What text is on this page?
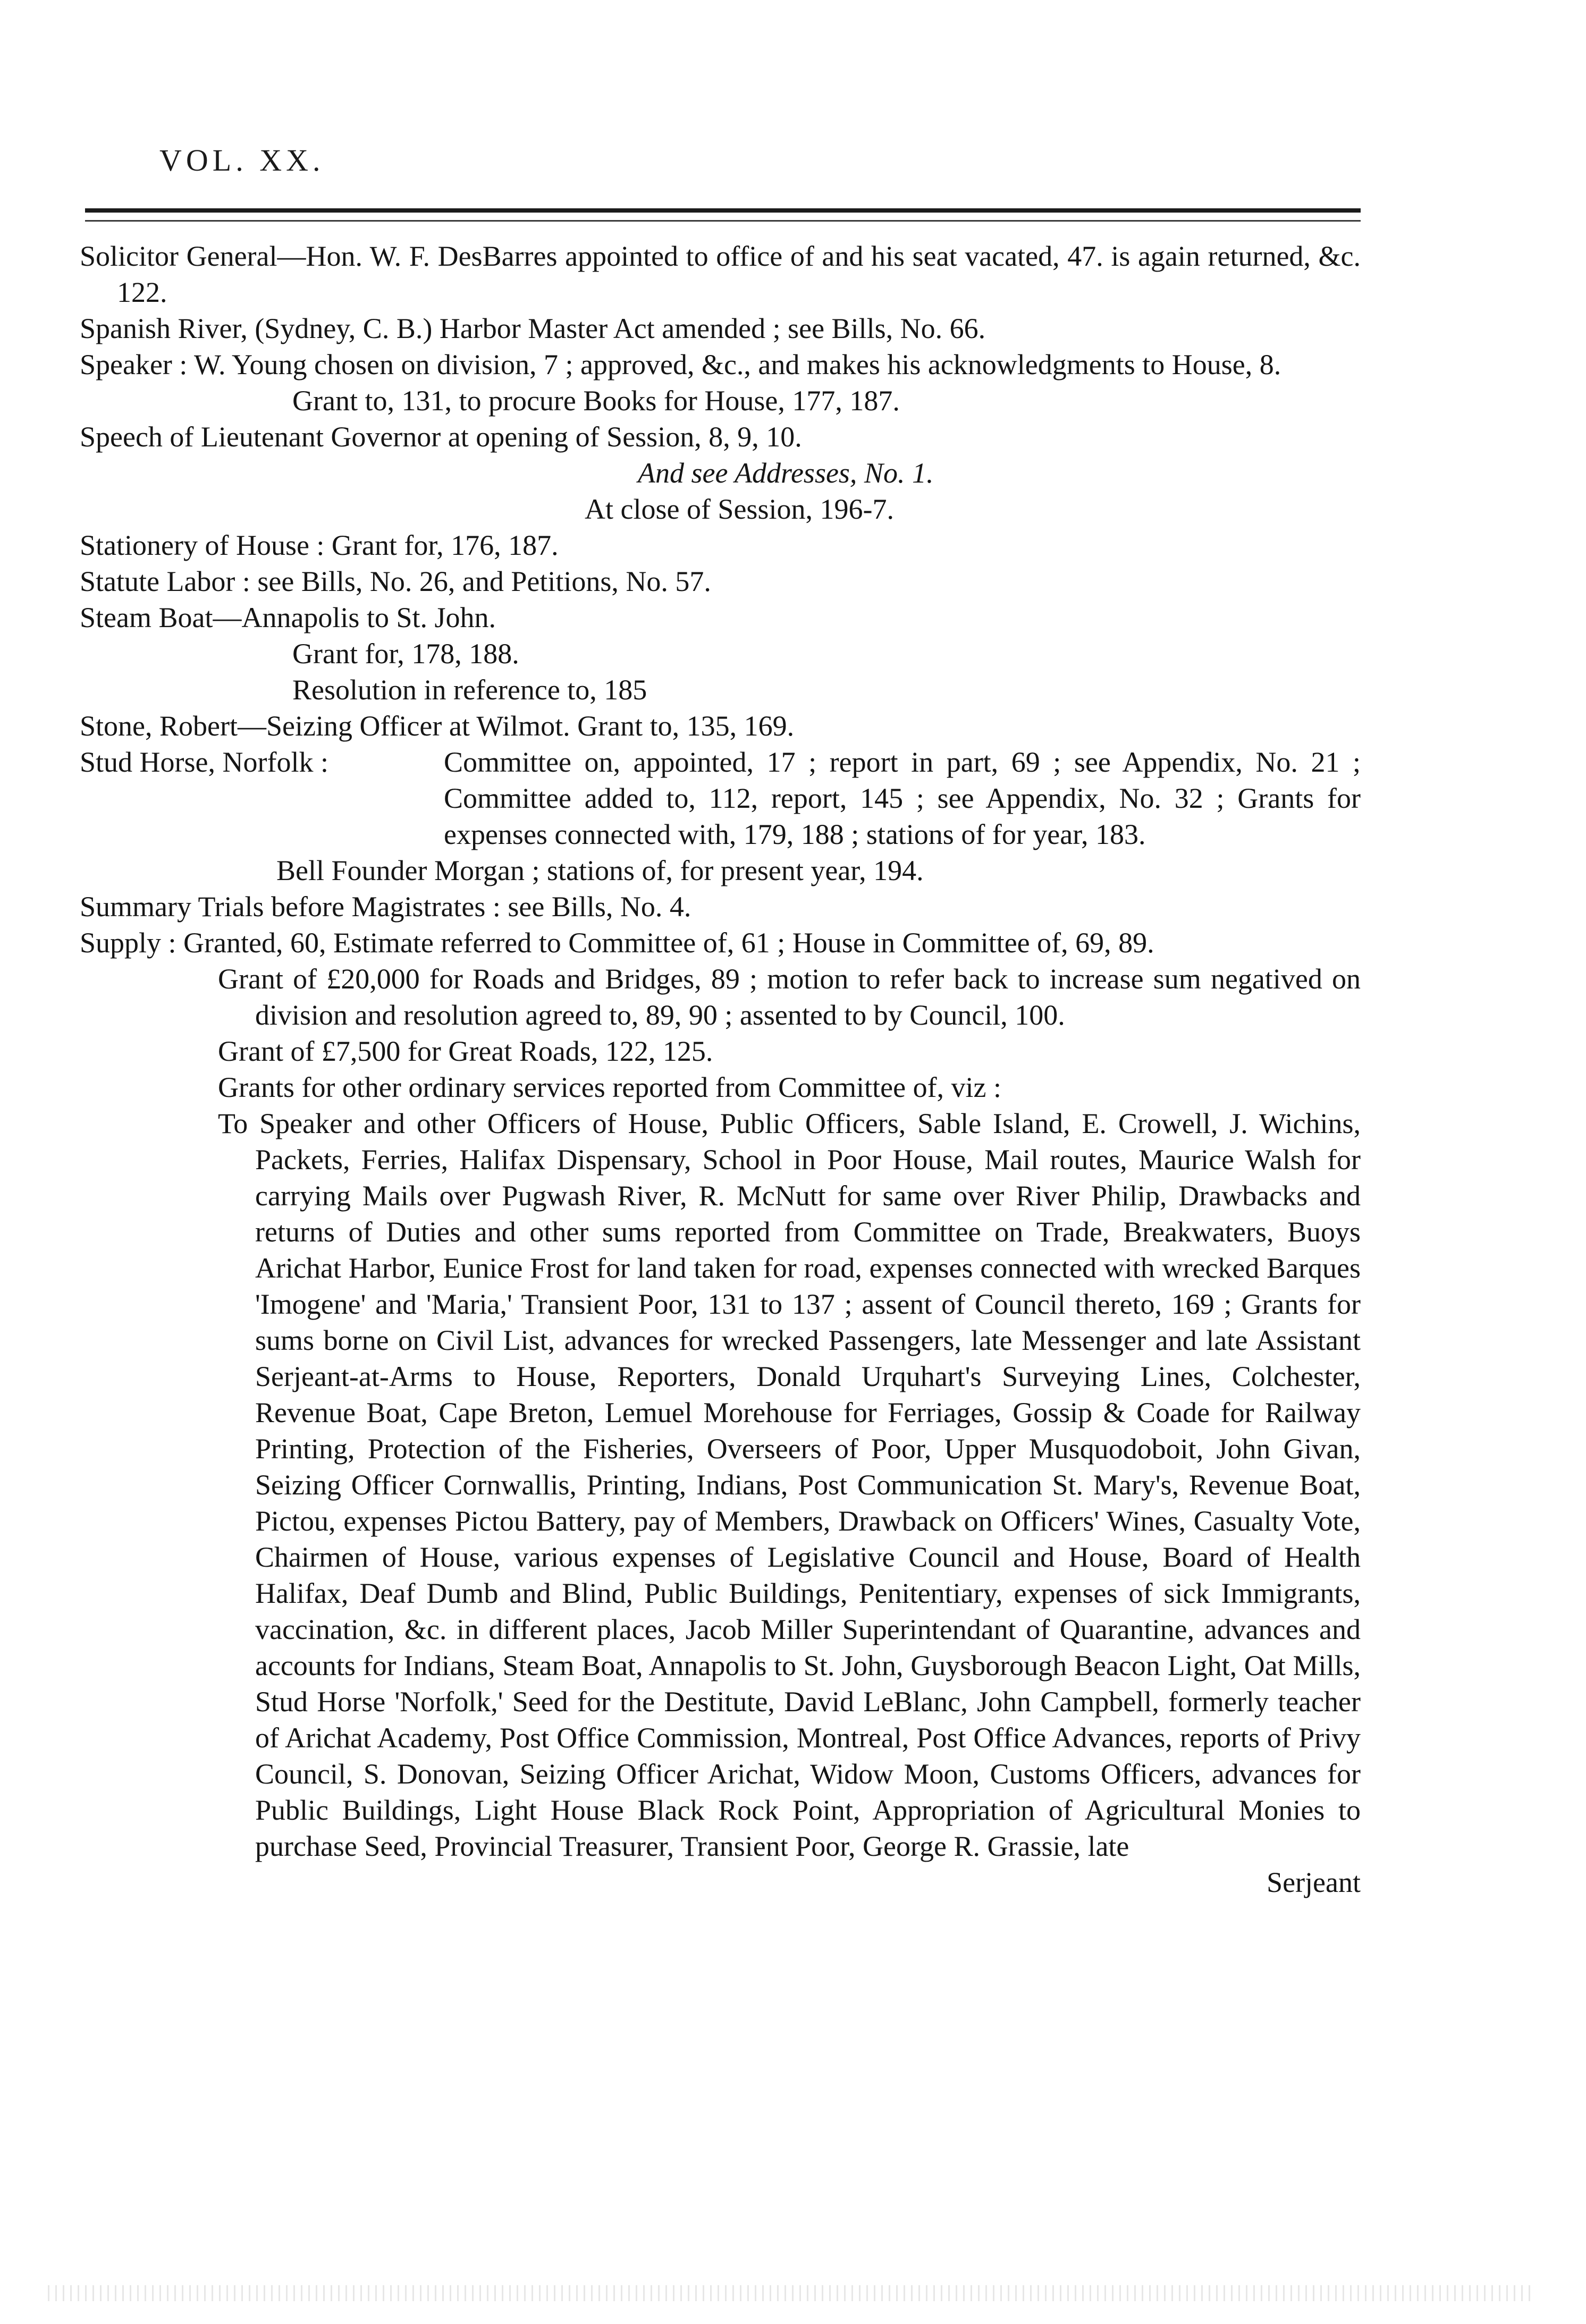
VOL. XX.

Solicitor General—Hon. W. F. DesBarres appointed to office of and his seat vacated, 47. is again returned, &c. 122.

Spanish River, (Sydney, C. B.) Harbor Master Act amended ; see Bills, No. 66.

Speaker : W. Young chosen on division, 7 ; approved, &c., and makes his acknowledgments to House, 8.

Grant to, 131, to procure Books for House, 177, 187.

Speech of Lieutenant Governor at opening of Session, 8, 9, 10.

And see Addresses, No. 1.

At close of Session, 196-7.

Stationery of House : Grant for, 176, 187.

Statute Labor : see Bills, No. 26, and Petitions, No. 57.

Steam Boat—Annapolis to St. John.

Grant for, 178, 188.

Resolution in reference to, 185

Stone, Robert—Seizing Officer at Wilmot. Grant to, 135, 169.

Stud Horse, Norfolk :	Committee on, appointed, 17 ; report in part, 69 ; see Appendix, No. 21 ; Committee added to, 112, report, 145 ; see Appendix, No. 32 ; Grants for expenses connected with, 179, 188 ; stations of for year, 183.

Bell Founder Morgan ; stations of, for present year, 194.

Summary Trials before Magistrates : see Bills, No. 4.

Supply : Granted, 60, Estimate referred to Committee of, 61 ; House in Committee of, 69, 89.

Grant of £20,000 for Roads and Bridges, 89 ; motion to refer back to increase sum negatived on division and resolution agreed to, 89, 90 ; assented to by Council, 100.

Grant of £7,500 for Great Roads, 122, 125.

Grants for other ordinary services reported from Committee of, viz :

To Speaker and other Officers of House, Public Officers, Sable Island, E. Crowell, J. Wichins, Packets, Ferries, Halifax Dispensary, School in Poor House, Mail routes, Maurice Walsh for carrying Mails over Pugwash River, R. McNutt for same over River Philip, Drawbacks and returns of Duties and other sums reported from Committee on Trade, Breakwaters, Buoys Arichat Harbor, Eunice Frost for land taken for road, expenses connected with wrecked Barques 'Imogene' and 'Maria,' Transient Poor, 131 to 137 ; assent of Council thereto, 169 ; Grants for sums borne on Civil List, advances for wrecked Passengers, late Messenger and late Assistant Serjeant-at-Arms to House, Reporters, Donald Urquhart's Surveying Lines, Colchester, Revenue Boat, Cape Breton, Lemuel Morehouse for Ferriages, Gossip & Coade for Railway Printing, Protection of the Fisheries, Overseers of Poor, Upper Musquodoboit, John Givan, Seizing Officer Cornwallis, Printing, Indians, Post Communication St. Mary's, Revenue Boat, Pictou, expenses Pictou Battery, pay of Members, Drawback on Officers' Wines, Casualty Vote, Chairmen of House, various expenses of Legislative Council and House, Board of Health Halifax, Deaf Dumb and Blind, Public Buildings, Penitentiary, expenses of sick Immigrants, vaccination, &c. in different places, Jacob Miller Superintendant of Quarantine, advances and accounts for Indians, Steam Boat, Annapolis to St. John, Guysborough Beacon Light, Oat Mills, Stud Horse 'Norfolk,' Seed for the Destitute, David LeBlanc, John Campbell, formerly teacher of Arichat Academy, Post Office Commission, Montreal, Post Office Advances, reports of Privy Council, S. Donovan, Seizing Officer Arichat, Widow Moon, Customs Officers, advances for Public Buildings, Light House Black Rock Point, Appropriation of Agricultural Monies to purchase Seed, Provincial Treasurer, Transient Poor, George R. Grassie, late

Serjeant
